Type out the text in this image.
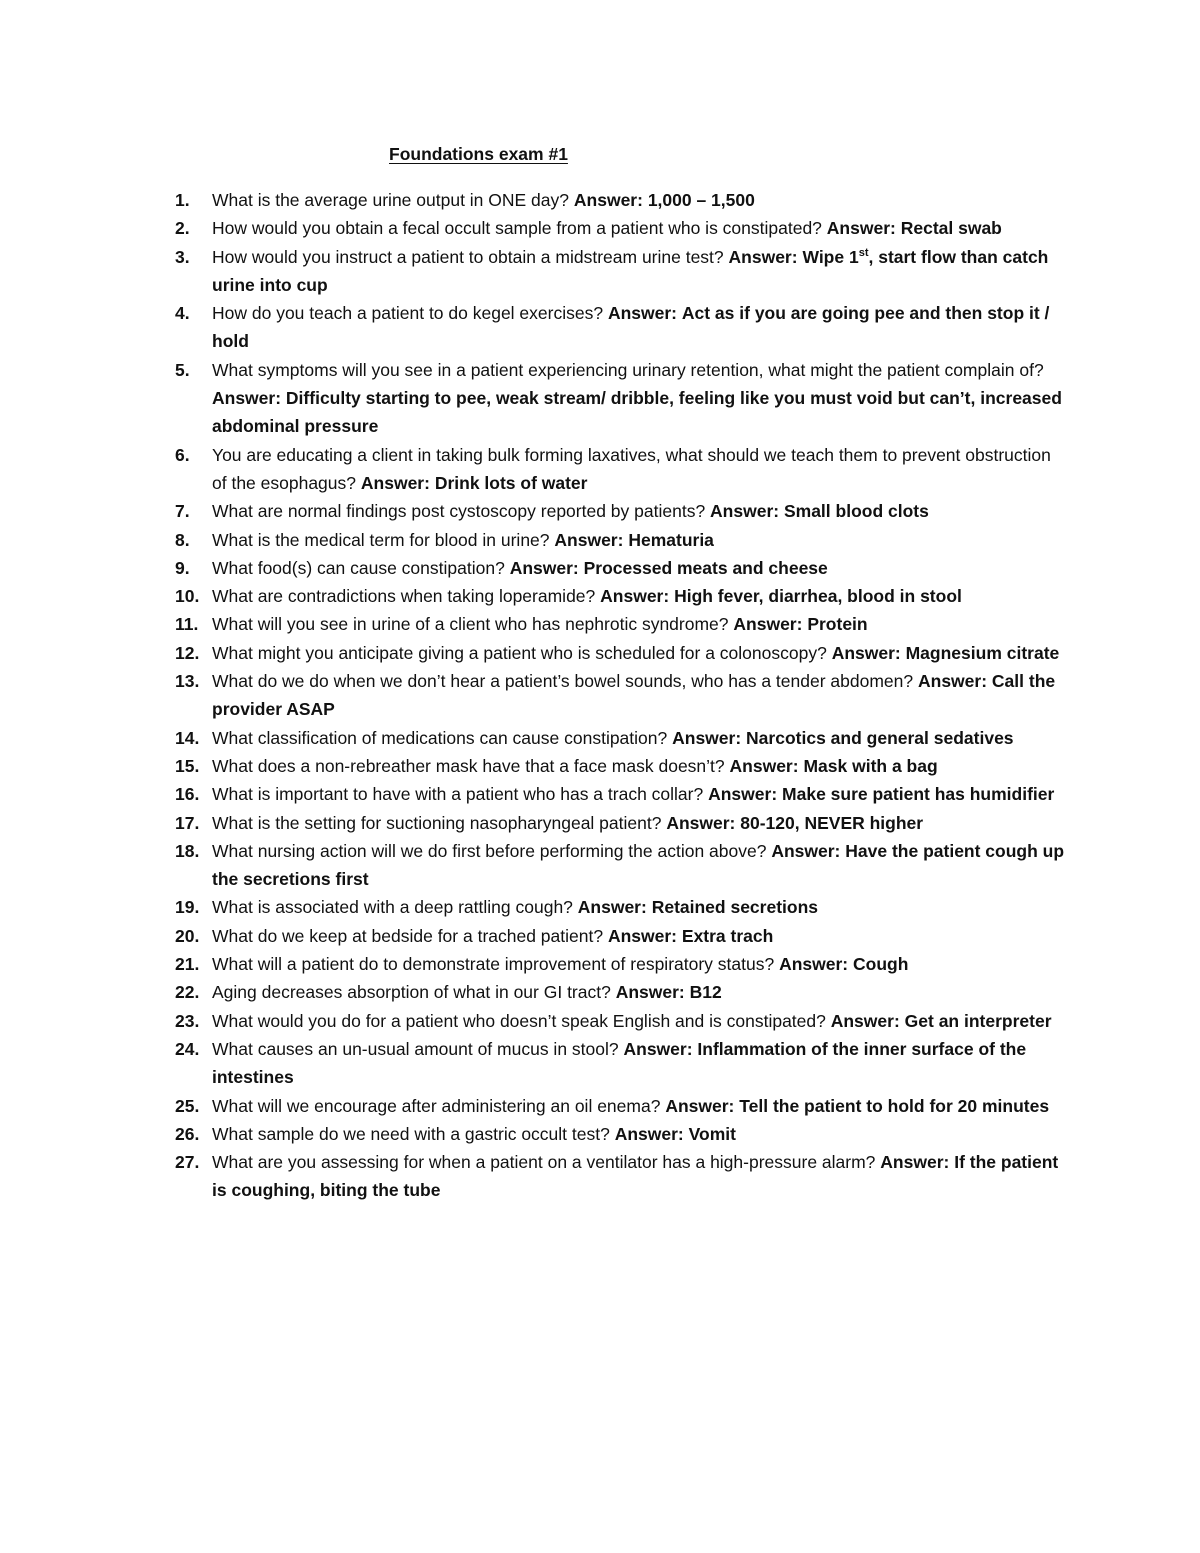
Foundations exam #1
1. What is the average urine output in ONE day? Answer: 1,000 – 1,500
2. How would you obtain a fecal occult sample from a patient who is constipated? Answer: Rectal swab
3. How would you instruct a patient to obtain a midstream urine test? Answer: Wipe 1st, start flow than catch urine into cup
4. How do you teach a patient to do kegel exercises? Answer: Act as if you are going pee and then stop it / hold
5. What symptoms will you see in a patient experiencing urinary retention, what might the patient complain of? Answer: Difficulty starting to pee, weak stream/ dribble, feeling like you must void but can’t, increased abdominal pressure
6. You are educating a client in taking bulk forming laxatives, what should we teach them to prevent obstruction of the esophagus? Answer: Drink lots of water
7. What are normal findings post cystoscopy reported by patients? Answer: Small blood clots
8. What is the medical term for blood in urine? Answer: Hematuria
9. What food(s) can cause constipation? Answer: Processed meats and cheese
10. What are contradictions when taking loperamide? Answer: High fever, diarrhea, blood in stool
11. What will you see in urine of a client who has nephrotic syndrome? Answer: Protein
12. What might you anticipate giving a patient who is scheduled for a colonoscopy? Answer: Magnesium citrate
13. What do we do when we don’t hear a patient’s bowel sounds, who has a tender abdomen? Answer: Call the provider ASAP
14. What classification of medications can cause constipation? Answer: Narcotics and general sedatives
15. What does a non-rebreather mask have that a face mask doesn’t? Answer: Mask with a bag
16. What is important to have with a patient who has a trach collar? Answer: Make sure patient has humidifier
17. What is the setting for suctioning nasopharyngeal patient? Answer: 80-120, NEVER higher
18. What nursing action will we do first before performing the action above? Answer: Have the patient cough up the secretions first
19. What is associated with a deep rattling cough? Answer: Retained secretions
20. What do we keep at bedside for a trached patient? Answer: Extra trach
21. What will a patient do to demonstrate improvement of respiratory status? Answer: Cough
22. Aging decreases absorption of what in our GI tract? Answer: B12
23. What would you do for a patient who doesn’t speak English and is constipated? Answer: Get an interpreter
24. What causes an un-usual amount of mucus in stool? Answer: Inflammation of the inner surface of the intestines
25. What will we encourage after administering an oil enema? Answer: Tell the patient to hold for 20 minutes
26. What sample do we need with a gastric occult test? Answer: Vomit
27. What are you assessing for when a patient on a ventilator has a high-pressure alarm? Answer: If the patient is coughing, biting the tube
